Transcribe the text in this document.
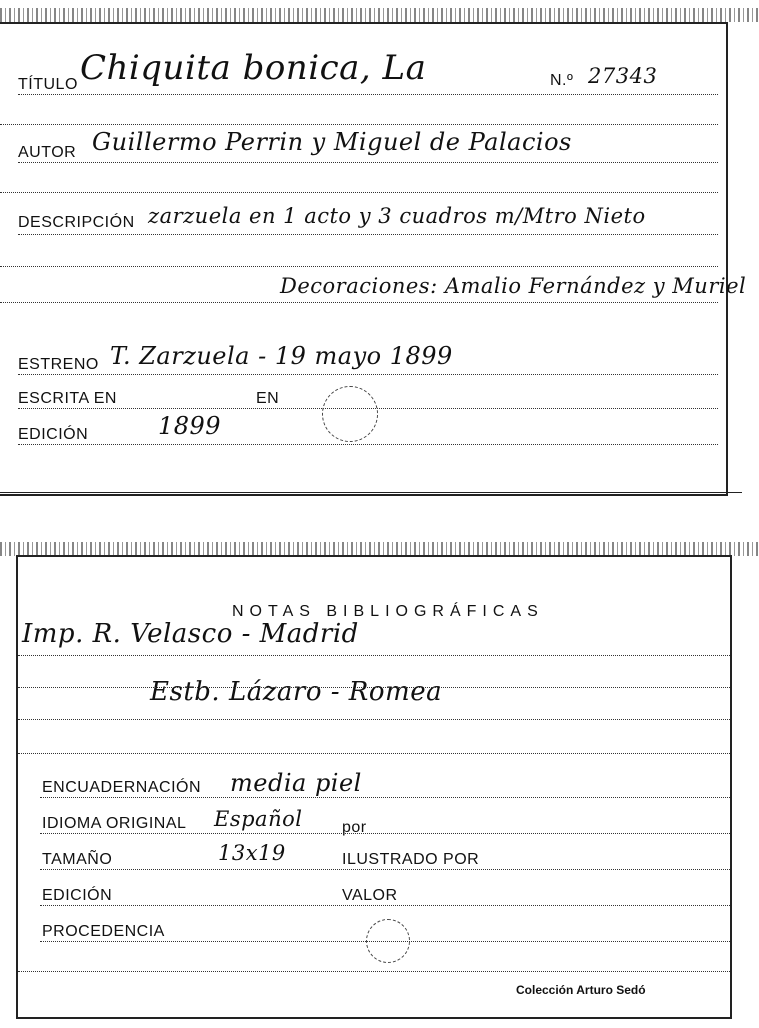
TÍTULO Chiquita bonica, La	N.º 27343
AUTOR Guillermo Perrin y Miguel de Palacios
DESCRIPCIÓN zarzuela en 1 acto y 3 cuadros m/Mtro Nieto
Decoraciones: Amalio Fernández y Muriel
ESTRENO T. Zarzuela - 19 mayo 1899
ESCRITA EN	EN
EDICIÓN	1899
NOTAS BIBLIOGRÁFICAS
Imp. R. Velasco - Madrid
Estb. Lázaro - Romea
ENCUADERNACIÓN media piel
IDIOMA ORIGINAL Español por
TAMAÑO	13x19	ILUSTRADO POR
EDICIÓN	VALOR
PROCEDENCIA
Colección Arturo Sedó
